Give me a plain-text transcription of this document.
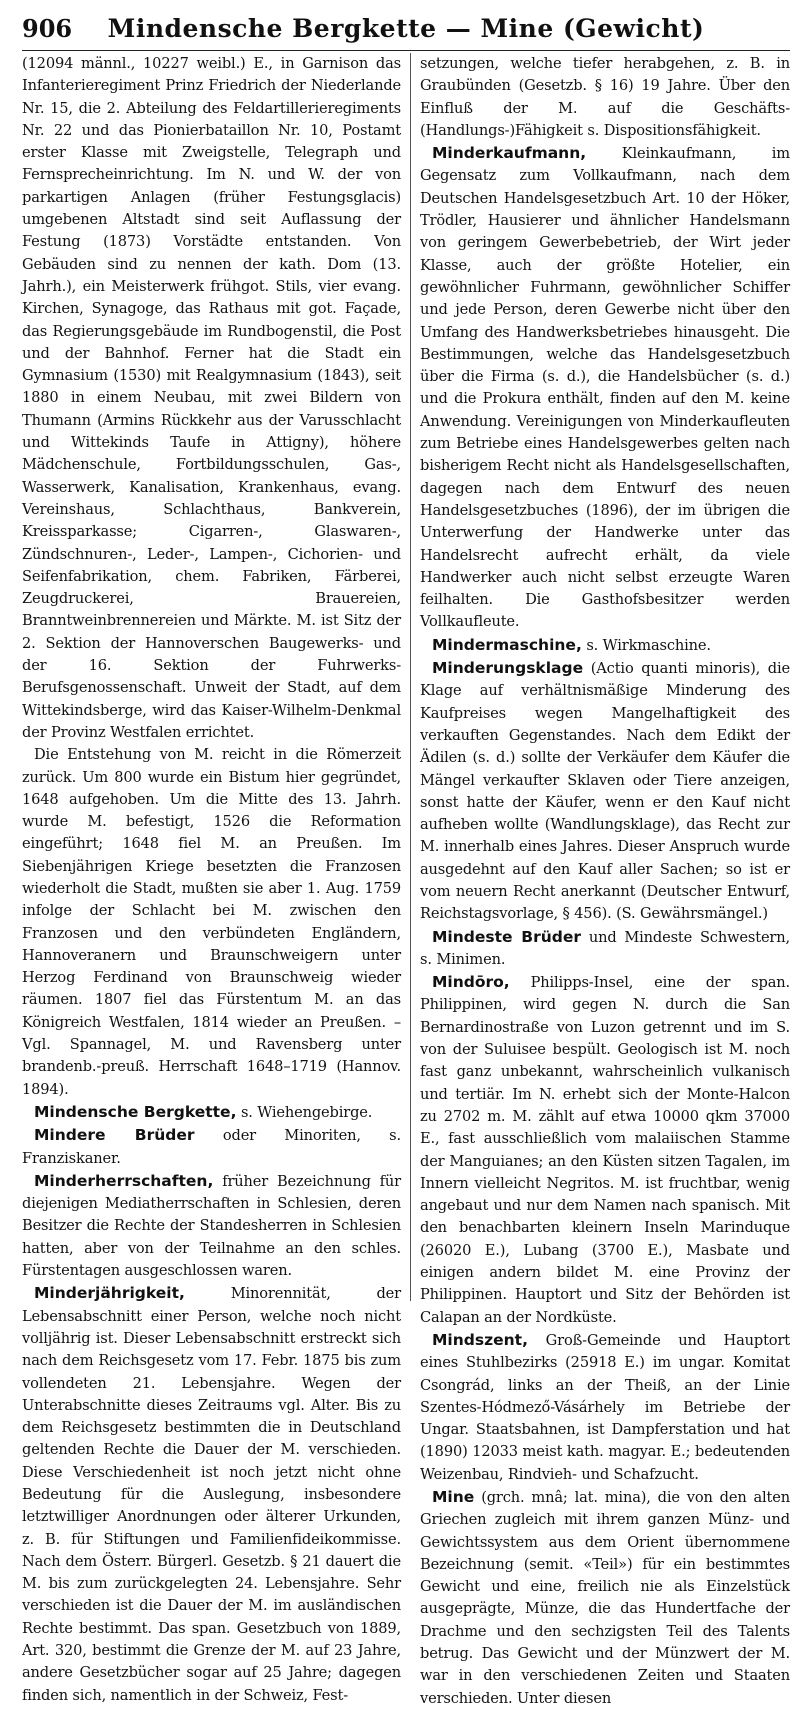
906	Mindensche Bergkette — Mine (Gewicht)

(12094 männl., 10227 weibl.) E., in Garnison das Infanterieregiment Prinz Friedrich der Niederlande Nr. 15, die 2. Abteilung des Feldartillerieregiments Nr. 22 und das Pionierbataillon Nr. 10, Postamt erster Klasse mit Zweigstelle, Telegraph und Fernsprecheinrichtung. Im N. und W. der von parkartigen Anlagen (früher Festungsglacis) umgebenen Altstadt sind seit Auflassung der Festung (1873) Vorstädte entstanden. Von Gebäuden sind zu nennen der kath. Dom (13. Jahrh.), ein Meisterwerk frühgot. Stils, vier evang. Kirchen, Synagoge, das Rathaus mit got. Façade, das Regierungsgebäude im Rundbogenstil, die Post und der Bahnhof. Ferner hat die Stadt ein Gymnasium (1530) mit Realgymnasium (1843), seit 1880 in einem Neubau, mit zwei Bildern von Thumann (Armins Rückkehr aus der Varusschlacht und Wittekinds Taufe in Attigny), höhere Mädchenschule, Fortbildungsschulen, Gas-, Wasserwerk, Kanalisation, Krankenhaus, evang. Vereinshaus, Schlachthaus, Bankverein, Kreissparkasse; Cigarren-, Glaswaren-, Zündschnuren-, Leder-, Lampen-, Cichorien- und Seifenfabrikation, chem. Fabriken, Färberei, Zeugdruckerei, Brauereien, Branntweinbrennereien und Märkte. M. ist Sitz der 2. Sektion der Hannoverschen Baugewerks- und der 16. Sektion der Fuhrwerks-Berufsgenossenschaft. Unweit der Stadt, auf dem Wittekindsberge, wird das Kaiser-Wilhelm-Denkmal der Provinz Westfalen errichtet.

Die Entstehung von M. reicht in die Römerzeit zurück. Um 800 wurde ein Bistum hier gegründet, 1648 aufgehoben. Um die Mitte des 13. Jahrh. wurde M. befestigt, 1526 die Reformation eingeführt; 1648 fiel M. an Preußen. Im Siebenjährigen Kriege besetzten die Franzosen wiederholt die Stadt, mußten sie aber 1. Aug. 1759 infolge der Schlacht bei M. zwischen den Franzosen und den verbündeten Engländern, Hannoveranern und Braunschweigern unter Herzog Ferdinand von Braunschweig wieder räumen. 1807 fiel das Fürstentum M. an das Königreich Westfalen, 1814 wieder an Preußen. – Vgl. Spannagel, M. und Ravensberg unter brandenb.-preuß. Herrschaft 1648–1719 (Hannov. 1894).

Mindensche Bergkette, s. Wiehengebirge.

Mindere Brüder oder Minoriten, s. Franziskaner.

Minderherrschaften, früher Bezeichnung für diejenigen Mediatherrschaften in Schlesien, deren Besitzer die Rechte der Standesherren in Schlesien hatten, aber von der Teilnahme an den schles. Fürstentagen ausgeschlossen waren.

Minderjährigkeit, Minorennität, der Lebensabschnitt einer Person, welche noch nicht volljährig ist. Dieser Lebensabschnitt erstreckt sich nach dem Reichsgesetz vom 17. Febr. 1875 bis zum vollendeten 21. Lebensjahre. Wegen der Unterabschnitte dieses Zeitraums vgl. Alter. Bis zu dem Reichsgesetz bestimmten die in Deutschland geltenden Rechte die Dauer der M. verschieden. Diese Verschiedenheit ist noch jetzt nicht ohne Bedeutung für die Auslegung, insbesondere letztwilliger Anordnungen oder älterer Urkunden, z. B. für Stiftungen und Familienfideikommisse. Nach dem Österr. Bürgerl. Gesetzb. § 21 dauert die M. bis zum zurückgelegten 24. Lebensjahre. Sehr verschieden ist die Dauer der M. im ausländischen Rechte bestimmt. Das span. Gesetzbuch von 1889, Art. 320, bestimmt die Grenze der M. auf 23 Jahre, andere Gesetzbücher sogar auf 25 Jahre; dagegen finden sich, namentlich in der Schweiz, Fest-

setzungen, welche tiefer herabgehen, z. B. in Graubünden (Gesetzb. § 16) 19 Jahre. Über den Einfluß der M. auf die Geschäfts-(Handlungs-)Fähigkeit s. Dispositionsfähigkeit.

Minderkaufmann, Kleinkaufmann, im Gegensatz zum Vollkaufmann, nach dem Deutschen Handelsgesetzbuch Art. 10 der Höker, Trödler, Hausierer und ähnlicher Handelsmann von geringem Gewerbebetrieb, der Wirt jeder Klasse, auch der größte Hotelier, ein gewöhnlicher Fuhrmann, gewöhnlicher Schiffer und jede Person, deren Gewerbe nicht über den Umfang des Handwerksbetriebes hinausgeht. Die Bestimmungen, welche das Handelsgesetzbuch über die Firma (s. d.), die Handelsbücher (s. d.) und die Prokura enthält, finden auf den M. keine Anwendung. Vereinigungen von Minderkaufleuten zum Betriebe eines Handelsgewerbes gelten nach bisherigem Recht nicht als Handelsgesellschaften, dagegen nach dem Entwurf des neuen Handelsgesetzbuches (1896), der im übrigen die Unterwerfung der Handwerke unter das Handelsrecht aufrecht erhält, da viele Handwerker auch nicht selbst erzeugte Waren feilhalten. Die Gasthofsbesitzer werden Vollkaufleute.

Mindermaschine, s. Wirkmaschine.

Minderungsklage (Actio quanti minoris), die Klage auf verhältnismäßige Minderung des Kaufpreises wegen Mangelhaftigkeit des verkauften Gegenstandes. Nach dem Edikt der Ädilen (s. d.) sollte der Verkäufer dem Käufer die Mängel verkaufter Sklaven oder Tiere anzeigen, sonst hatte der Käufer, wenn er den Kauf nicht aufheben wollte (Wandlungsklage), das Recht zur M. innerhalb eines Jahres. Dieser Anspruch wurde ausgedehnt auf den Kauf aller Sachen; so ist er vom neuern Recht anerkannt (Deutscher Entwurf, Reichstagsvorlage, § 456). (S. Gewährsmängel.)

Mindeste Brüder und Mindeste Schwestern, s. Minimen.

Mindōro, Philipps-Insel, eine der span. Philippinen, wird gegen N. durch die San Bernardinostraße von Luzon getrennt und im S. von der Suluisee bespült. Geologisch ist M. noch fast ganz unbekannt, wahrscheinlich vulkanisch und tertiär. Im N. erhebt sich der Monte-Halcon zu 2702 m. M. zählt auf etwa 10000 qkm 37000 E., fast ausschließlich vom malaiischen Stamme der Manguianes; an den Küsten sitzen Tagalen, im Innern vielleicht Negritos. M. ist fruchtbar, wenig angebaut und nur dem Namen nach spanisch. Mit den benachbarten kleinern Inseln Marinduque (26020 E.), Lubang (3700 E.), Masbate und einigen andern bildet M. eine Provinz der Philippinen. Hauptort und Sitz der Behörden ist Calapan an der Nordküste.

Mindszent, Groß-Gemeinde und Hauptort eines Stuhlbezirks (25918 E.) im ungar. Komitat Csongrád, links an der Theiß, an der Linie Szentes-Hódmező-Vásárhely im Betriebe der Ungar. Staatsbahnen, ist Dampferstation und hat (1890) 12033 meist kath. magyar. E.; bedeutenden Weizenbau, Rindvieh- und Schafzucht.

Mine (grch. mnâ; lat. mina), die von den alten Griechen zugleich mit ihrem ganzen Münz- und Gewichtssystem aus dem Orient übernommene Bezeichnung (semit. «Teil») für ein bestimmtes Gewicht und eine, freilich nie als Einzelstück ausgeprägte, Münze, die das Hundertfache der Drachme und den sechzigsten Teil des Talents betrug. Das Gewicht und der Münzwert der M. war in den verschiedenen Zeiten und Staaten verschieden. Unter diesen
